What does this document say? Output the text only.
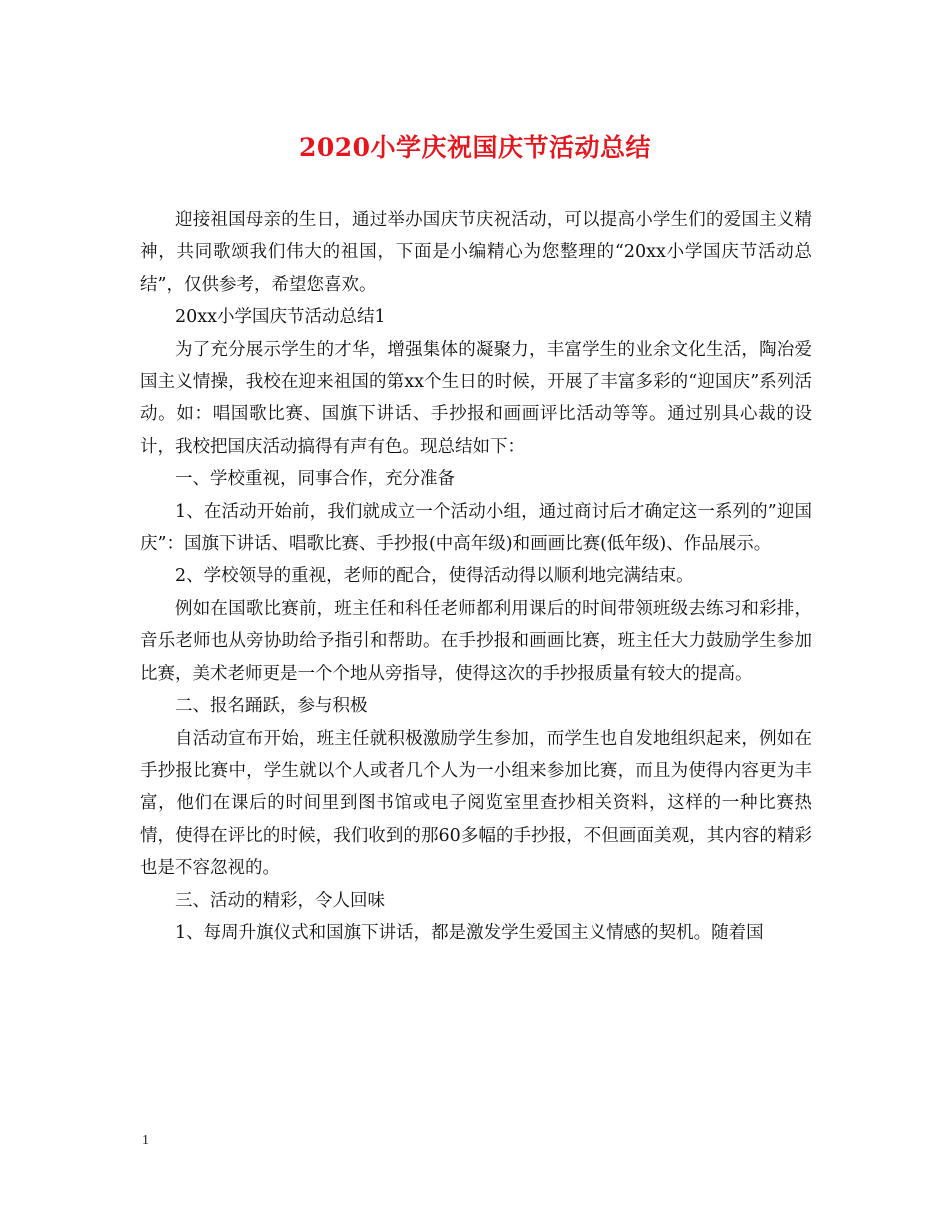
2020小学庆祝国庆节活动总结

迎接祖国母亲的生日，通过举办国庆节庆祝活动，可以提高小学生们的爱国主义精神，共同歌颂我们伟大的祖国，下面是小编精心为您整理的“20xx小学国庆节活动总结”，仅供参考，希望您喜欢。

20xx小学国庆节活动总结1

为了充分展示学生的才华，增强集体的凝聚力，丰富学生的业余文化生活，陶冶爱国主义情操，我校在迎来祖国的第xx个生日的时候，开展了丰富多彩的“迎国庆”系列活动。如：唱国歌比赛、国旗下讲话、手抄报和画画评比活动等等。通过别具心裁的设计，我校把国庆活动搞得有声有色。现总结如下：

一、学校重视，同事合作，充分准备

1、在活动开始前，我们就成立一个活动小组，通过商讨后才确定这一系列的”迎国庆”：国旗下讲话、唱歌比赛、手抄报(中高年级)和画画比赛(低年级)、作品展示。

2、学校领导的重视，老师的配合，使得活动得以顺利地完满结束。

例如在国歌比赛前，班主任和科任老师都利用课后的时间带领班级去练习和彩排，音乐老师也从旁协助给予指引和帮助。在手抄报和画画比赛，班主任大力鼓励学生参加比赛，美术老师更是一个个地从旁指导，使得这次的手抄报质量有较大的提高。

二、报名踊跃，参与积极

自活动宣布开始，班主任就积极激励学生参加，而学生也自发地组织起来，例如在手抄报比赛中，学生就以个人或者几个人为一小组来参加比赛，而且为使得内容更为丰富，他们在课后的时间里到图书馆或电子阅览室里查抄相关资料，这样的一种比赛热情，使得在评比的时候，我们收到的那60多幅的手抄报，不但画面美观，其内容的精彩也是不容忽视的。

三、活动的精彩，令人回味

1、每周升旗仪式和国旗下讲话，都是激发学生爱国主义情感的契机。随着国

1
